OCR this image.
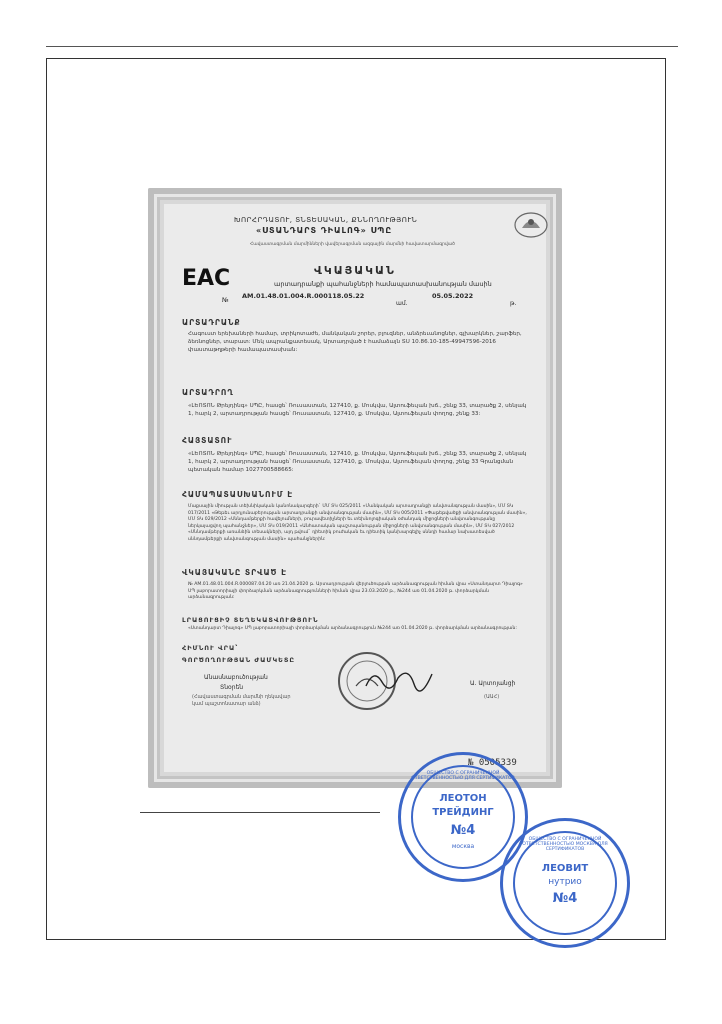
ԽՈՐՀՐԴԱՏՈՒ, ՏՆՏԵՍԱԿԱՆ, ՔՆՆՈՂՈՒԹՅՈՒՆ
«ՍՏԱՆԴԱՐՏ ԴԻԱԼՈԳ» ՍՊԸ
Հավաստագրման մարմինների վավերագրման ազգային մարմնի հավատարմագրված
EAC	ՎԿԱՅԱԿԱՆ
արտադրանքի պահանջների համապատասխանության մասին
№ AM.01.48.01.004.R.000118.05.22	05.05.2022
ամ.	թ.
ԱՐՏԱԴՐԱՆՔ
Հագուստ երեխաների համար, տրիկոտաժե, մանկական շորեր, բլուզներ, անձրեւանոցներ, գլխարկներ, շարֆեր, ձեռնոցներ, տաբատ: Մեկ ապրանքատեսակ, Արտադրված է համաձայն ՏՍ 10.86.10-185-49947596-2016 փաստաթղթերի համապատասխան:
ԱՐՏԱԴՐՈՂ
«ԼԵՈՏՈՆ Թրեյդինգ» ՍՊԸ, հասցե՝ Ռուսաստան, 127410, ք. Մոսկվա, Ալտուֆեւյան խճ., շենք 33, տարածք 2, սենյակ 1, հարկ 2, արտադրության հասցե՝ Ռուսաստան, 127410, ք. Մոսկվա, Ալտուֆեւյան փողոց, շենք 33:
ՀԱՅՏԱՏՈՒ
«ԼԵՈՏՈՆ Թրեյդինգ» ՍՊԸ, հասցե՝ Ռուսաստան, 127410, ք. Մոսկվա, Ալտուֆեւյան խճ., շենք 33, տարածք 2, սենյակ 1, հարկ 2, արտադրության հասցե՝ Ռուսաստան, 127410, ք. Մոսկվա, Ալտուֆեւյան փողոց, շենք 33 Գրանցման պետական համար 1027700588665:
ՀԱՄԱՊԱՏԱՍԽԱՆՈՒՄ Է
Մաքսային միության տեխնիկական կանոնակարգերի` ՄՄ ՏԿ 025/2011 «Մանկական արտադրանքի անվտանգության մասին», ՄՄ ՏԿ 017/2011 «Թեթեւ արդյունաբերության արտադրանքի անվտանգության մասին», ՄՄ ՏԿ 005/2011 «Փաթեթվածքի անվտանգության մասին», ՄՄ ՏԿ 029/2012 «Սննդամթերքի հավելումների, բուրավետիչների եւ տեխնոլոգիական օժանդակ միջոցների անվտանգությանը ներկայացվող պահանջներ», ՄՄ ՏԿ 019/2011 «Անհատական պաշտպանության միջոցների անվտանգության մասին», ՄՄ ՏԿ 027/2012 «Սննդամթերքի առանձին տեսակների, այդ թվում` դիետիկ բուժական եւ դիետիկ կանխարգելիչ սննդի համար նախատեսված սննդամթերքի անվտանգության մասին» պահանջներին:
ՎԿԱՅԱԿԱՆԸ ՏՐՎԱԾ Է
№ AM.01.48.01.004.R.000087.04.20 առ 21.04.2020 թ. Արտադրության վերլուծության արձանագրության հիման վրա «Ստանդարտ Դիալոգ» ՍՊ լաբորատորիայի փորձարկման արձանագրությունների հիման վրա 23.03.2020 թ., №244 առ 01.04.2020 թ. փորձարկման արձանագրության:
ԼՐԱՑՈՒՑԻՉ ՏԵՂԵԿԱՏՎՈՒԹՅՈՒՆ
«Ստանդարտ Դիալոգ» ՍՊ լաբորատորիայի փորձարկման արձանագրություն №244 առ 01.04.2020 թ. փորձարկման արձանագրության:
ՀԻՄՆՈՒ ՎՐԱ՝
ԳՈՐԾՈՂՈՒԹՅԱՆ ԺԱՄԿԵՏԸ
Անասնաբուծության
Տնօրեն
(Հավաստագրման մարմնի ղեկավար
կամ պաշտոնատար անձ)
Ա. Արտոյանցի
(ԱԱՀ)
№ 0505339
ЛЕОТОН
ТРЕЙДИНГ
№4
москва
ОБЩЕСТВО С ОГРАНИЧЕННОЙ ОТВЕТСТВЕННОСТЬЮ ДЛЯ СЕРТИФИКАТОВ
ЛЕОВИТ
нутрио
№4
ОБЩЕСТВО С ОГРАНИЧЕННОЙ ОТВЕТСТВЕННОСТЬЮ МОСКВА ДЛЯ СЕРТИФИКАТОВ
